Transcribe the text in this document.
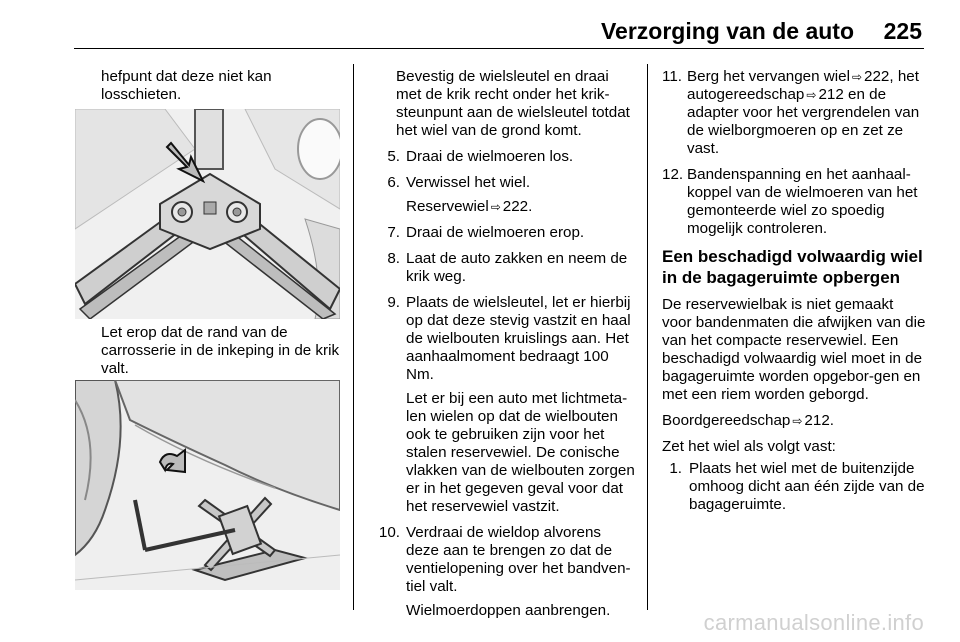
Verzorging van de auto 225

hefpunt dat deze niet kan losschieten.

Let erop dat de rand van de carrosserie in de inkeping in de krik valt.

Bevestig de wielsleutel en draai met de krik recht onder het krik-steunpunt aan de wielsleutel totdat het wiel van de grond komt.

5. Draai de wielmoeren los.
6. Verwissel het wiel.
Reservewiel ⇨ 222.
7. Draai de wielmoeren erop.
8. Laat de auto zakken en neem de krik weg.
9. Plaats de wielsleutel, let er hierbij op dat deze stevig vastzit en haal de wielbouten kruislings aan. Het aanhaalmoment bedraagt 100 Nm.
Let er bij een auto met lichtmeta-len wielen op dat de wielbouten ook te gebruiken zijn voor het stalen reservewiel. De conische vlakken van de wielbouten zorgen er in het gegeven geval voor dat het reservewiel vastzit.
10. Verdraai de wieldop alvorens deze aan te brengen zo dat de ventielopening over het bandven-tiel valt.
Wielmoerdoppen aanbrengen.
11. Berg het vervangen wiel ⇨ 222, het autogereedschap ⇨ 212 en de adapter voor het vergrendelen van de wielborgmoeren op en zet ze vast.
12. Bandenspanning en het aanhaal-koppel van de wielmoeren van het gemonteerde wiel zo spoedig mogelijk controleren.
Een beschadigd volwaardig wiel in de bagageruimte opbergen

De reservewielbak is niet gemaakt voor bandenmaten die afwijken van die van het compacte reservewiel. Een beschadigd volwaardig wiel moet in de bagageruimte worden opgebor-gen en met een riem worden geborgd.

Boordgereedschap ⇨ 212.

Zet het wiel als volgt vast:

1. Plaats het wiel met de buitenzijde omhoog dicht aan één zijde van de bagageruimte.
carmanualsonline.info
